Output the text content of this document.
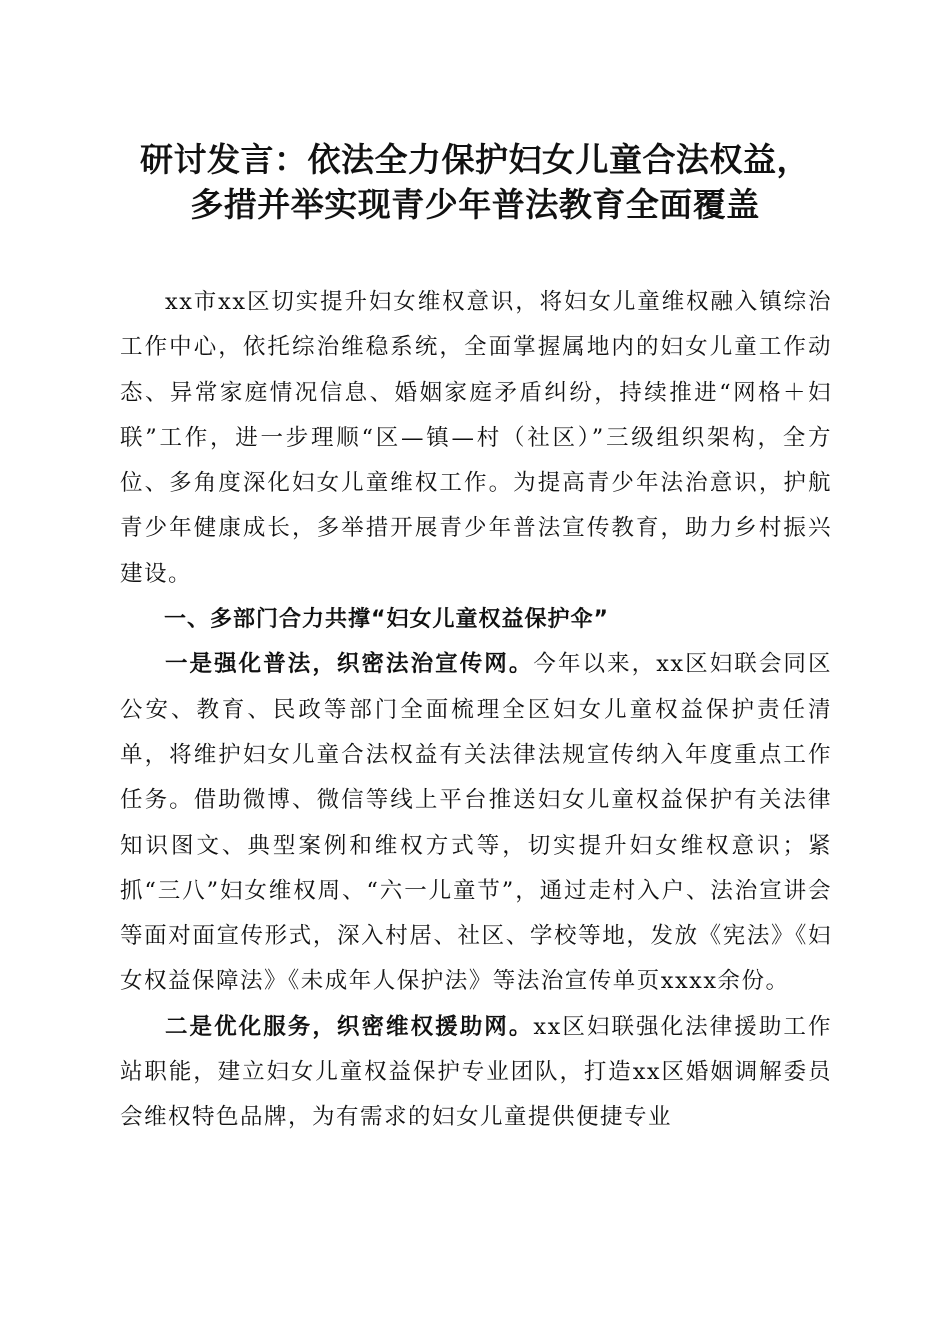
研讨发言：依法全力保护妇女儿童合法权益，
多措并举实现青少年普法教育全面覆盖

xx市xx区切实提升妇女维权意识，将妇女儿童维权融入镇综治工作中心，依托综治维稳系统，全面掌握属地内的妇女儿童工作动态、异常家庭情况信息、婚姻家庭矛盾纠纷，持续推进“网格＋妇联”工作，进一步理顺“区—镇—村（社区）”三级组织架构，全方位、多角度深化妇女儿童维权工作。为提高青少年法治意识，护航青少年健康成长，多举措开展青少年普法宣传教育，助力乡村振兴建设。

一、多部门合力共撑“妇女儿童权益保护伞”

一是强化普法，织密法治宣传网。今年以来，xx区妇联会同区公安、教育、民政等部门全面梳理全区妇女儿童权益保护责任清单，将维护妇女儿童合法权益有关法律法规宣传纳入年度重点工作任务。借助微博、微信等线上平台推送妇女儿童权益保护有关法律知识图文、典型案例和维权方式等，切实提升妇女维权意识；紧抓“三八”妇女维权周、“六一儿童节”，通过走村入户、法治宣讲会等面对面宣传形式，深入村居、社区、学校等地，发放《宪法》《妇女权益保障法》《未成年人保护法》等法治宣传单页xxxx余份。

二是优化服务，织密维权援助网。xx区妇联强化法律援助工作站职能，建立妇女儿童权益保护专业团队，打造xx区婚姻调解委员会维权特色品牌，为有需求的妇女儿童提供便捷专业
